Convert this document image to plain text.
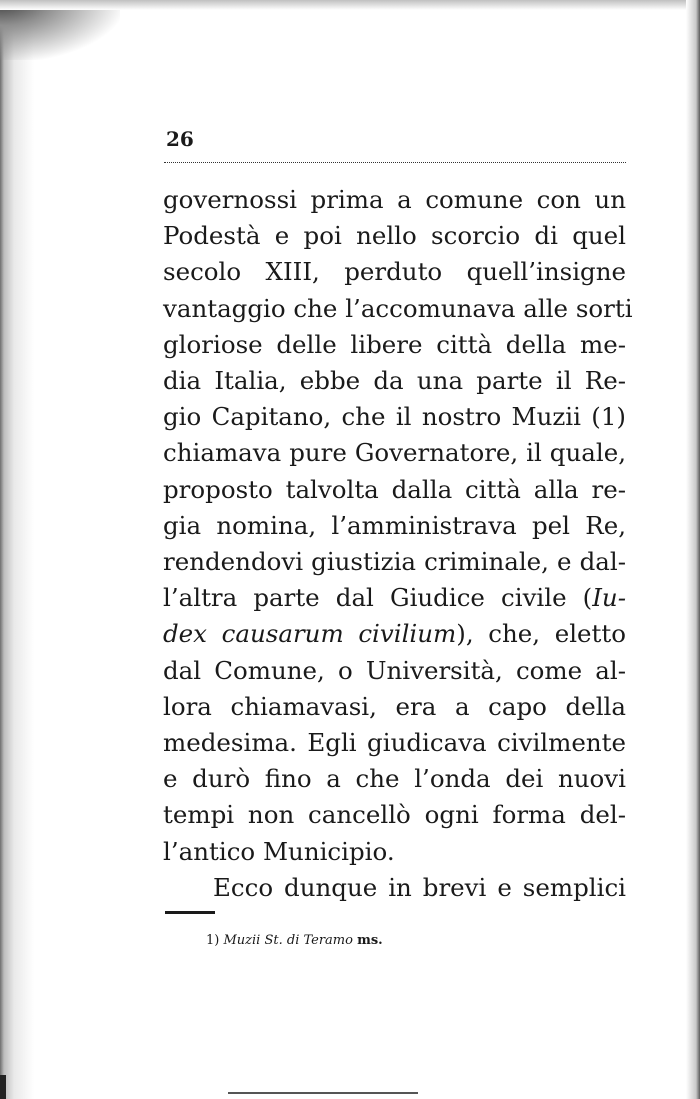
26
governossi prima a comune con un
Podestà e poi nello scorcio di quel
secolo XIII, perduto quell’insigne
vantaggio che l’accomunava alle sorti
gloriose delle libere città della me-
dia Italia, ebbe da una parte il Re-
gio Capitano, che il nostro Muzii (1)
chiamava pure Governatore, il quale,
proposto talvolta dalla città alla re-
gia nomina, l’amministrava pel Re,
rendendovi giustizia criminale, e dal-
l’altra parte dal Giudice civile (Iu-
dex causarum civilium), che, eletto
dal Comune, o Università, come al-
lora chiamavasi, era a capo della
medesima. Egli giudicava civilmente
e durò fino a che l’onda dei nuovi
tempi non cancellò ogni forma del-
l’antico Municipio.
Ecco dunque in brevi e semplici
1) Muzii St. di Teramo ms.
